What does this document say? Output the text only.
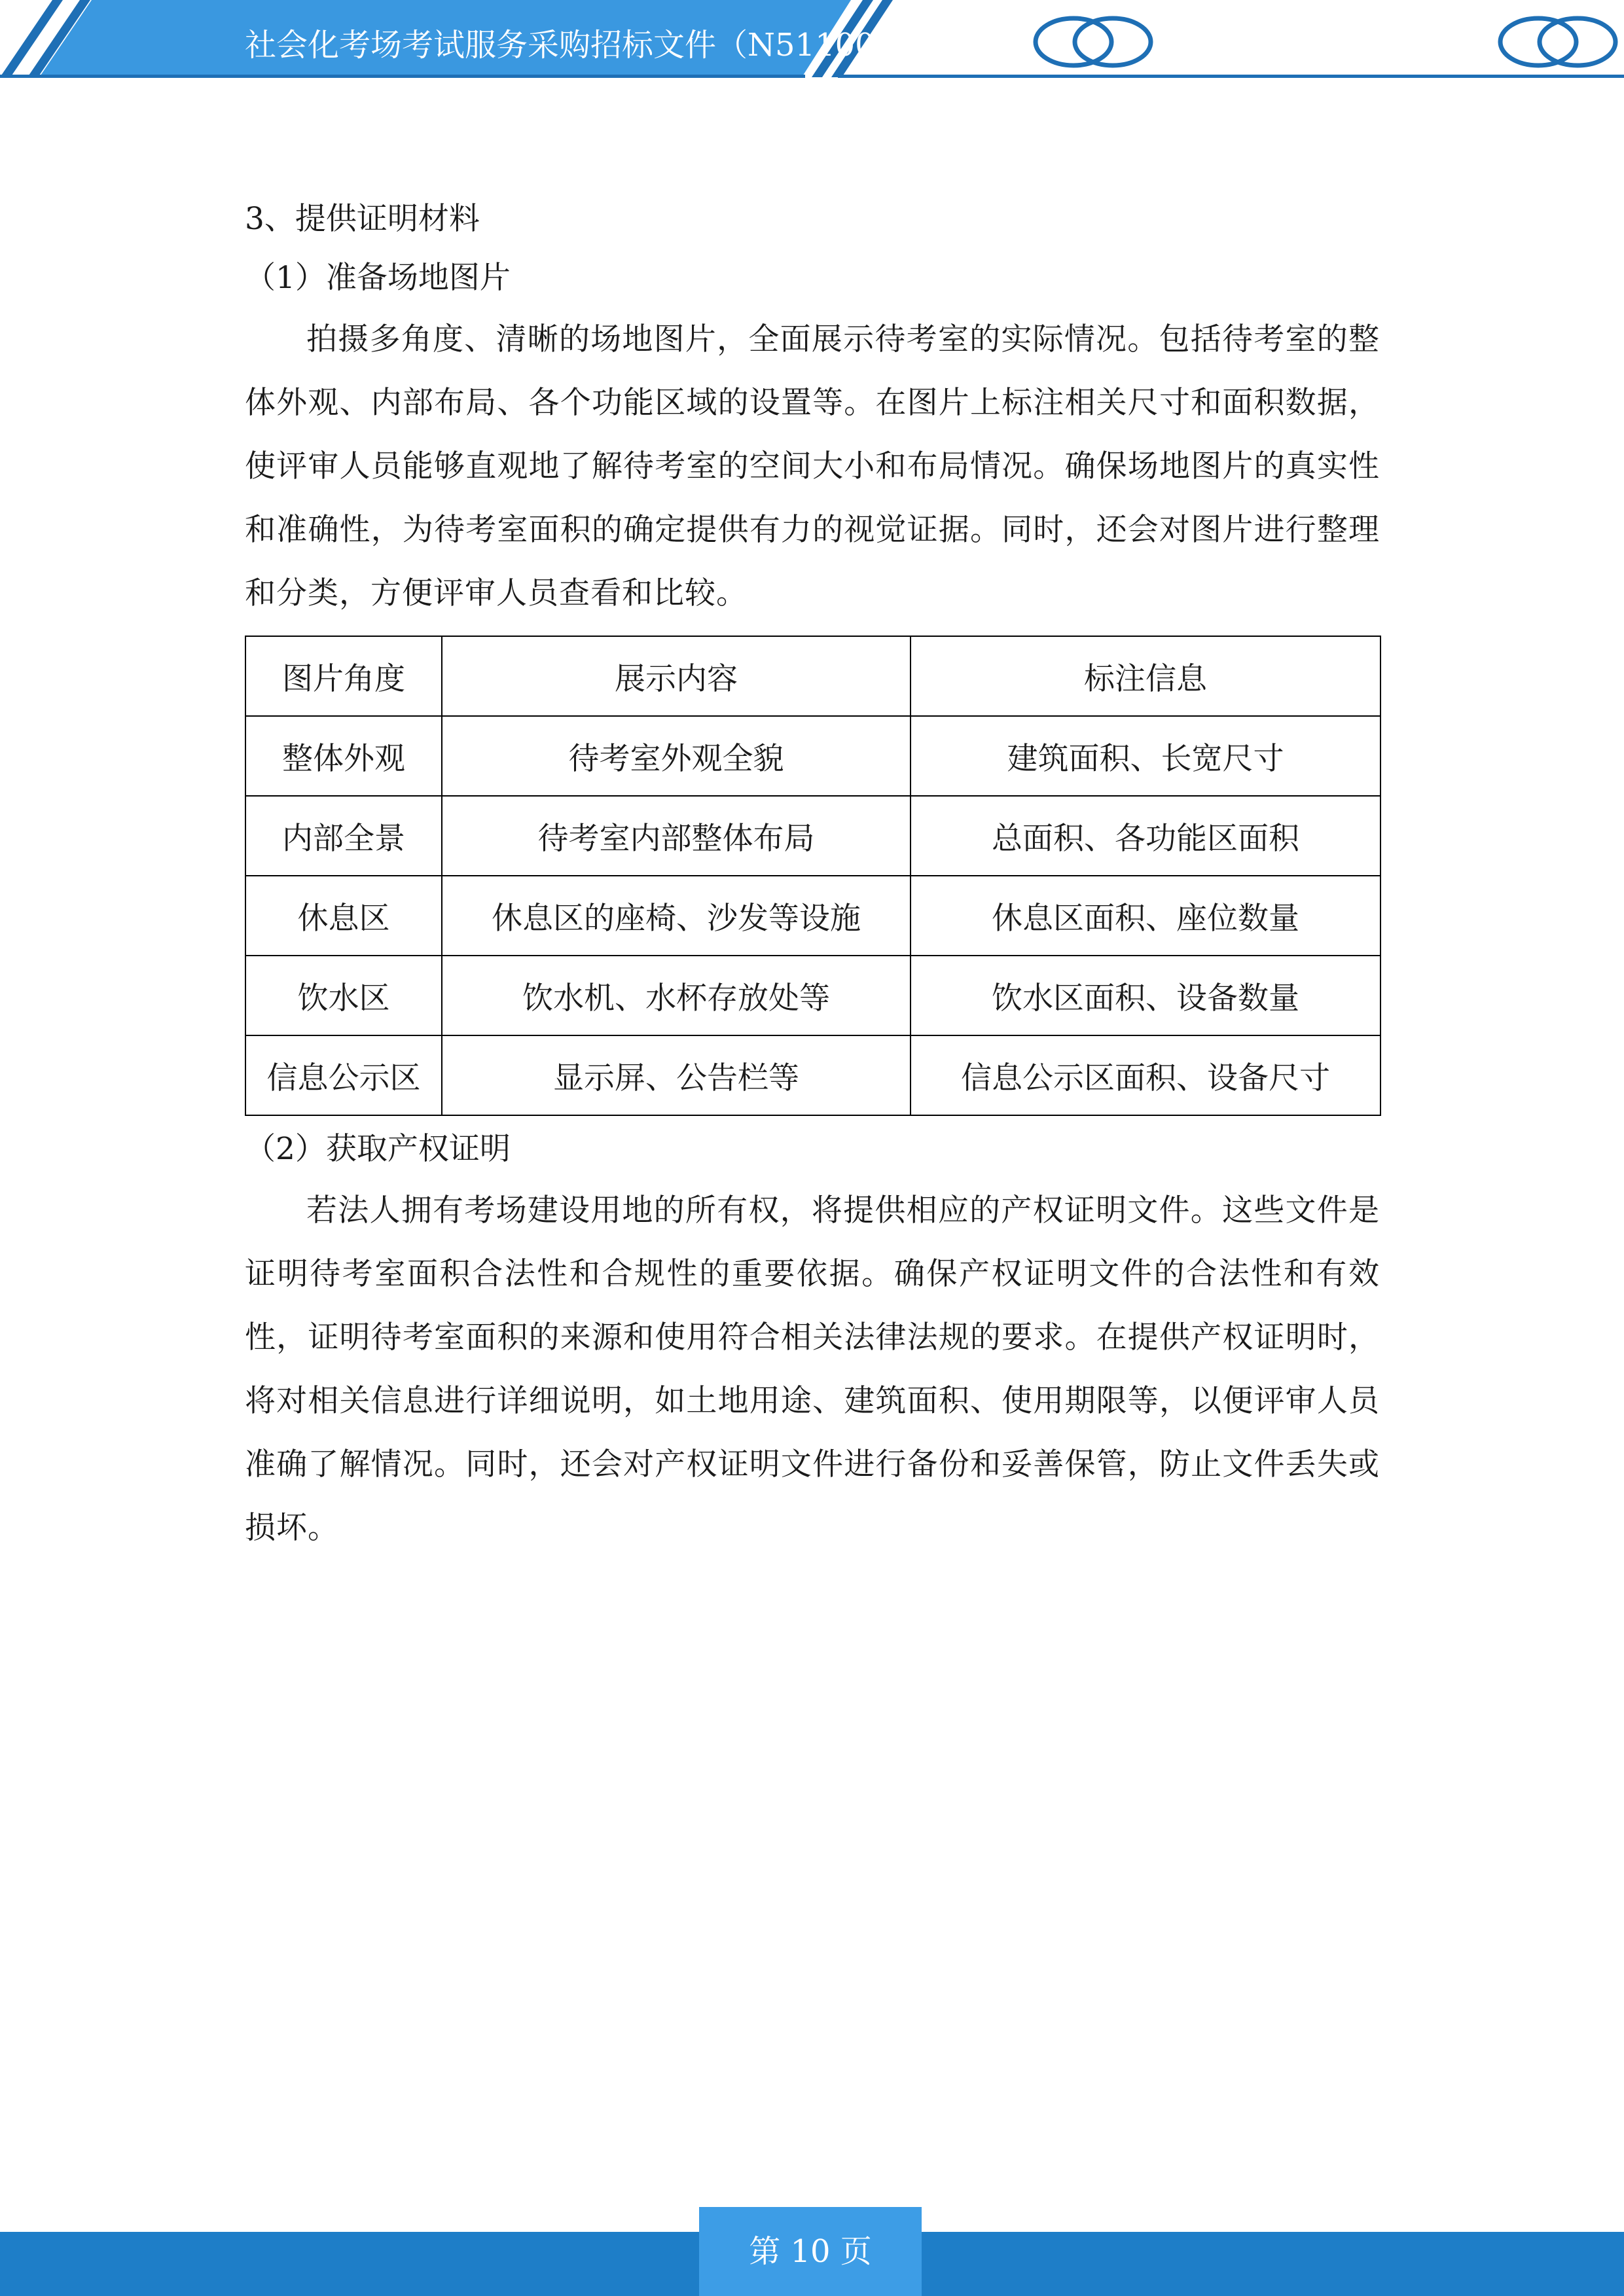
社会化考场考试服务采购招标文件（N511000

3、提供证明材料

（1）准备场地图片

拍摄多角度、清晰的场地图片，全面展示待考室的实际情况。包括待考室的整体外观、内部布局、各个功能区域的设置等。在图片上标注相关尺寸和面积数据，使评审人员能够直观地了解待考室的空间大小和布局情况。确保场地图片的真实性和准确性，为待考室面积的确定提供有力的视觉证据。同时，还会对图片进行整理和分类，方便评审人员查看和比较。

图片角度	展示内容	标注信息
整体外观	待考室外观全貌	建筑面积、长宽尺寸
内部全景	待考室内部整体布局	总面积、各功能区面积
休息区	休息区的座椅、沙发等设施	休息区面积、座位数量
饮水区	饮水机、水杯存放处等	饮水区面积、设备数量
信息公示区	显示屏、公告栏等	信息公示区面积、设备尺寸

（2）获取产权证明

若法人拥有考场建设用地的所有权，将提供相应的产权证明文件。这些文件是证明待考室面积合法性和合规性的重要依据。确保产权证明文件的合法性和有效性，证明待考室面积的来源和使用符合相关法律法规的要求。在提供产权证明时，将对相关信息进行详细说明，如土地用途、建筑面积、使用期限等，以便评审人员准确了解情况。同时，还会对产权证明文件进行备份和妥善保管，防止文件丢失或损坏。

第 10 页
